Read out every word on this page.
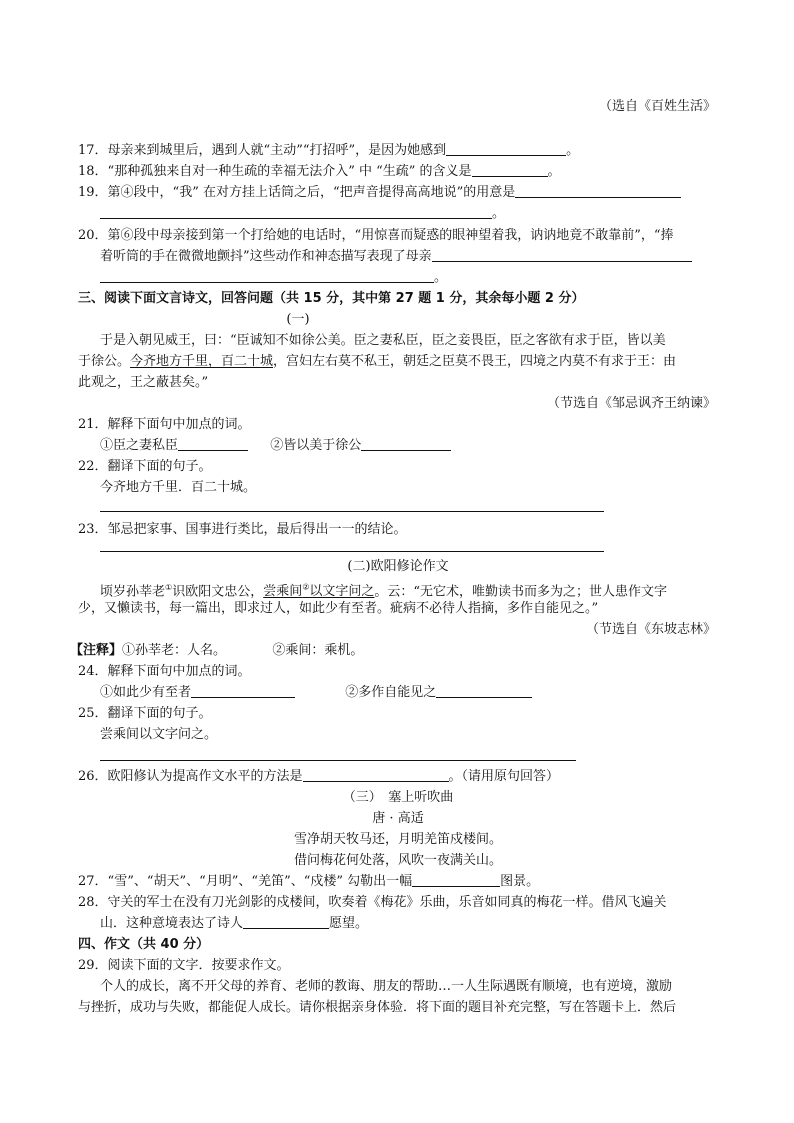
（选自《百姓生活》
17．母亲来到城里后，遇到人就“主动”“打招呼”，是因为她感到	。
18．“那种孤独来自对一种生疏的幸福无法介入” 中 “生疏” 的含义是	。
19．第④段中，“我” 在对方挂上话筒之后，“把声音提得高高地说”的用意是
。
20．第⑥段中母亲接到第一个打给她的电话时，“用惊喜而疑惑的眼神望着我，讷讷地竟不敢靠前”，“捧
着听筒的手在微微地颤抖”这些动作和神态描写表现了母亲
。
三、阅读下面文言诗文，回答问题（共 15 分，其中第 27 题 1 分，其余每小题 2 分）
(一)
于是入朝见威王，曰：“臣诚知不如徐公美。臣之妻私臣，臣之妾畏臣，臣之客欲有求于臣，皆以美
于徐公。今齐地方千里，百二十城，宫妇左右莫不私王，朝廷之臣莫不畏王，四境之内莫不有求于王：由
此观之，王之蔽甚矣。”
（节选自《邹忌讽齐王纳谏》
21．解释下面句中加点的词。
①臣之妻私臣	②皆以美于徐公
22．翻译下面的句子。
今齐地方千里．百二十城。
23．邹忌把家事、国事进行类比，最后得出一一的结论。
(二)欧阳修论作文
顷岁孙莘老①识欧阳文忠公，尝乘间②以文字问之。云：“无它术，唯勤读书而多为之；世人患作文字
少，又懒读书，每一篇出，即求过人，如此少有至者。疵病不必待人指摘，多作自能见之。”
（节选自《东坡志林》
【注释】①孙莘老：人名。	②乘间：乘机。
24．解释下面句中加点的词。
①如此少有至者	②多作自能见之
25．翻译下面的句子。
尝乘间以文字问之。
26．欧阳修认为提高作文水平的方法是	。（请用原句回答）
（三）　塞上听吹曲
唐 · 高适
雪净胡天牧马还，月明羌笛戍楼间。
借问梅花何处落，风吹一夜满关山。
27．“雪”、“胡天”、“月明”、“羌笛”、“戍楼” 勾勒出一幅	图景。
28．守关的军士在没有刀光剑影的戍楼间，吹奏着《梅花》乐曲，乐音如同真的梅花一样。借风飞遍关
山．这种意境表达了诗人	愿望。
四、作文（共 40 分）
29．阅读下面的文字．按要求作文。
个人的成长，离不开父母的养育、老师的教诲、朋友的帮助…一人生际遇既有顺境，也有逆境，激励
与挫折，成功与失败，都能促人成长。请你根据亲身体验．将下面的题目补充完整，写在答题卡上．然后
